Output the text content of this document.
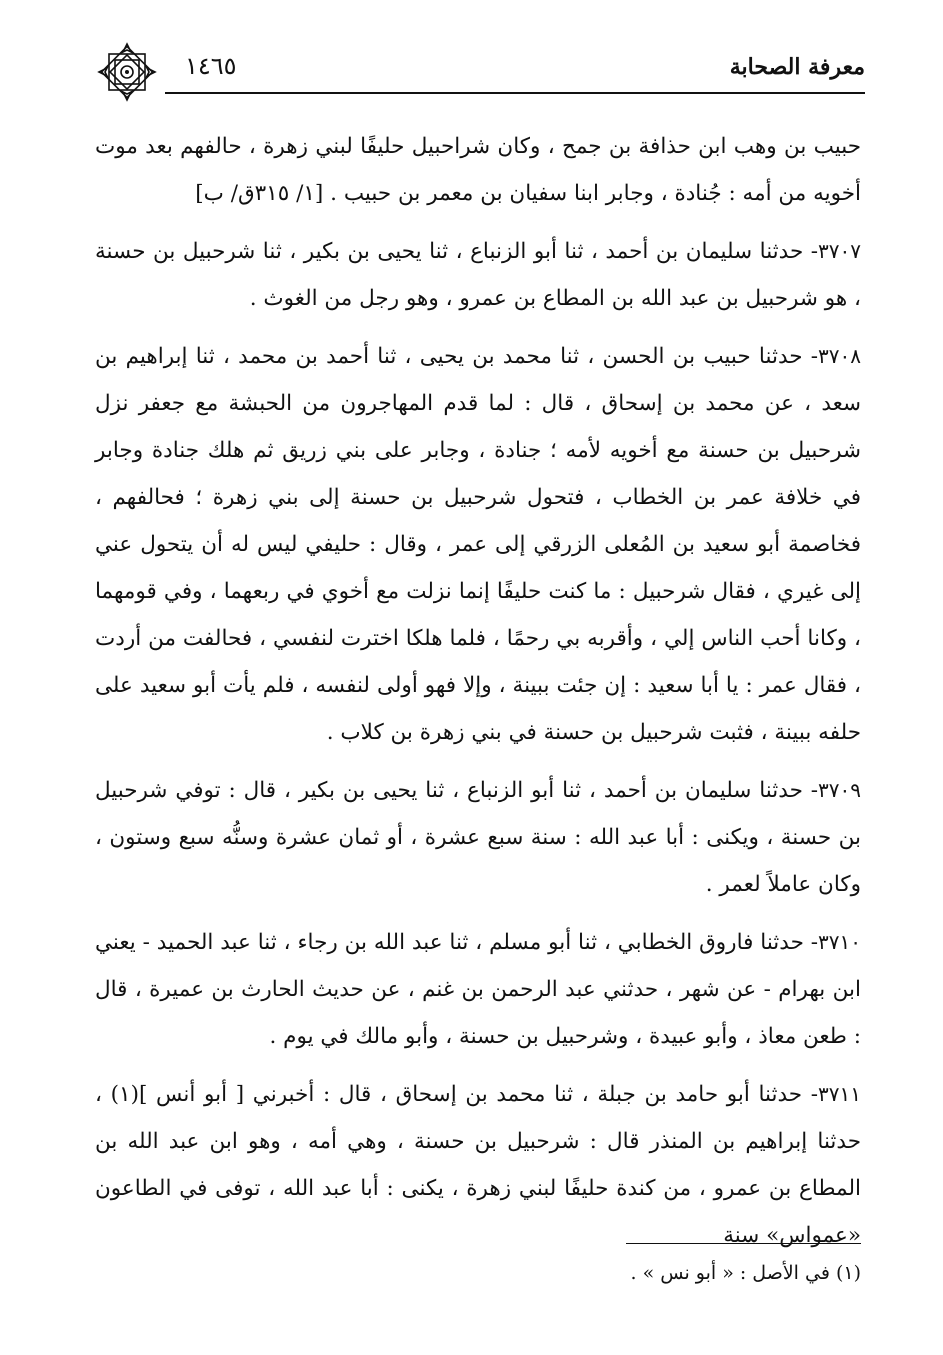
معرفة الصحابة
١٤٦٥

حبيب بن وهب ابن حذافة بن جمح ، وكان شراحبيل حليفًا لبني زهرة ، حالفهم بعد موت أخويه من أمه : جُنادة ، وجابر ابنا سفيان بن معمر بن حبيب . [١/ ٣١٥ق/ ب]

٣٧٠٧- حدثنا سليمان بن أحمد ، ثنا أبو الزنباع ، ثنا يحيى بن بكير ، ثنا شرحبيل بن حسنة ، هو شرحبيل بن عبد الله بن المطاع بن عمرو ، وهو رجل من الغوث .

٣٧٠٨- حدثنا حبيب بن الحسن ، ثنا محمد بن يحيى ، ثنا أحمد بن محمد ، ثنا إبراهيم بن سعد ، عن محمد بن إسحاق ، قال : لما قدم المهاجرون من الحبشة مع جعفر نزل شرحبيل بن حسنة مع أخويه لأمه ؛ جنادة ، وجابر على بني زريق ثم هلك جنادة وجابر في خلافة عمر بن الخطاب ، فتحول شرحبيل بن حسنة إلى بني زهرة ؛ فحالفهم ، فخاصمة أبو سعيد بن المُعلى الزرقي إلى عمر ، وقال : حليفي ليس له أن يتحول عني إلى غيري ، فقال شرحبيل : ما كنت حليفًا إنما نزلت مع أخوي في ربعهما ، وفي قومهما ، وكانا أحب الناس إلي ، وأقربه بي رحمًا ، فلما هلكا اخترت لنفسي ، فحالفت من أردت ، فقال عمر : يا أبا سعيد : إن جئت ببينة ، وإلا فهو أولى لنفسه ، فلم يأت أبو سعيد على حلفه ببينة ، فثبت شرحبيل بن حسنة في بني زهرة بن كلاب .

٣٧٠٩- حدثنا سليمان بن أحمد ، ثنا أبو الزنباع ، ثنا يحيى بن بكير ، قال : توفي شرحبيل بن حسنة ، ويكنى : أبا عبد الله : سنة سبع عشرة ، أو ثمان عشرة وسنُّه سبع وستون ، وكان عاملاً لعمر .

٣٧١٠- حدثنا فاروق الخطابي ، ثنا أبو مسلم ، ثنا عبد الله بن رجاء ، ثنا عبد الحميد - يعني ابن بهرام - عن شهر ، حدثني عبد الرحمن بن غنم ، عن حديث الحارث بن عميرة ، قال : طعن معاذ ، وأبو عبيدة ، وشرحبيل بن حسنة ، وأبو مالك في يوم .

٣٧١١- حدثنا أبو حامد بن جبلة ، ثنا محمد بن إسحاق ، قال : أخبرني [ أبو أنس ](١) ، حدثنا إبراهيم بن المنذر قال : شرحبيل بن حسنة ، وهي أمه ، وهو ابن عبد الله بن المطاع بن عمرو ، من كندة حليفًا لبني زهرة ، يكنى : أبا عبد الله ، توفى في الطاعون «عمواس» سنة

(١) في الأصل : « أبو نس » .
